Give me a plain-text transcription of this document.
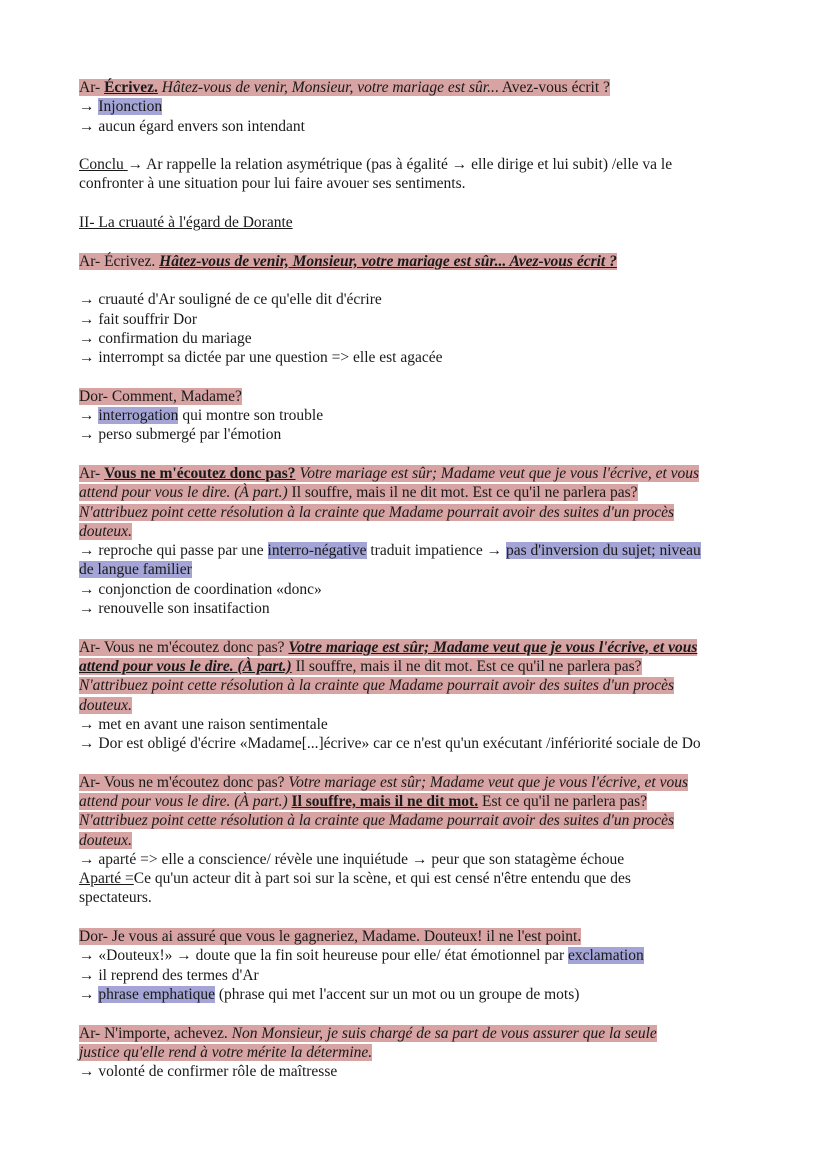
Ar- Écrivez. Hâtez-vous de venir, Monsieur, votre mariage est sûr... Avez-vous écrit ?
→ Injonction
→ aucun égard envers son intendant
Conclu → Ar rappelle la relation asymétrique (pas à égalité → elle dirige et lui subit) /elle va le
confronter à une situation pour lui faire avouer ses sentiments.
II- La cruauté à l'égard de Dorante
Ar- Écrivez. Hâtez-vous de venir, Monsieur, votre mariage est sûr... Avez-vous écrit ?
→ cruauté d'Ar souligné de ce qu'elle dit d'écrire
→ fait souffrir Dor
→ confirmation du mariage
→ interrompt sa dictée par une question => elle est agacée
Dor- Comment, Madame?
→ interrogation qui montre son trouble
→ perso submergé par l'émotion
Ar- Vous ne m'écoutez donc pas? Votre mariage est sûr; Madame veut que je vous l'écrive, et vous
attend pour vous le dire. (À part.) Il souffre, mais il ne dit mot. Est ce qu'il ne parlera pas?
N'attribuez point cette résolution à la crainte que Madame pourrait avoir des suites d'un procès
douteux.
→ reproche qui passe par une interro-négative traduit impatience → pas d'inversion du sujet; niveau
de langue familier
→ conjonction de coordination «donc»
→ renouvelle son insatifaction
Ar- Vous ne m'écoutez donc pas? Votre mariage est sûr; Madame veut que je vous l'écrive, et vous
attend pour vous le dire. (À part.) Il souffre, mais il ne dit mot. Est ce qu'il ne parlera pas?
N'attribuez point cette résolution à la crainte que Madame pourrait avoir des suites d'un procès
douteux.
→ met en avant une raison sentimentale
→ Dor est obligé d'écrire «Madame[...]écrive» car ce n'est qu'un exécutant /infériorité sociale de Do
Ar- Vous ne m'écoutez donc pas? Votre mariage est sûr; Madame veut que je vous l'écrive, et vous
attend pour vous le dire. (À part.) Il souffre, mais il ne dit mot. Est ce qu'il ne parlera pas?
N'attribuez point cette résolution à la crainte que Madame pourrait avoir des suites d'un procès
douteux.
→ aparté => elle a conscience/ révèle une inquiétude → peur que son statagème échoue
Aparté =Ce qu'un acteur dit à part soi sur la scène, et qui est censé n'être entendu que des
spectateurs.
Dor- Je vous ai assuré que vous le gagneriez, Madame. Douteux! il ne l'est point.
→ «Douteux!» → doute que la fin soit heureuse pour elle/ état émotionnel par exclamation
→ il reprend des termes d'Ar
→ phrase emphatique (phrase qui met l'accent sur un mot ou un groupe de mots)
Ar- N'importe, achevez. Non Monsieur, je suis chargé de sa part de vous assurer que la seule
justice qu'elle rend à votre mérite la détermine.
→ volonté de confirmer rôle de maîtresse
